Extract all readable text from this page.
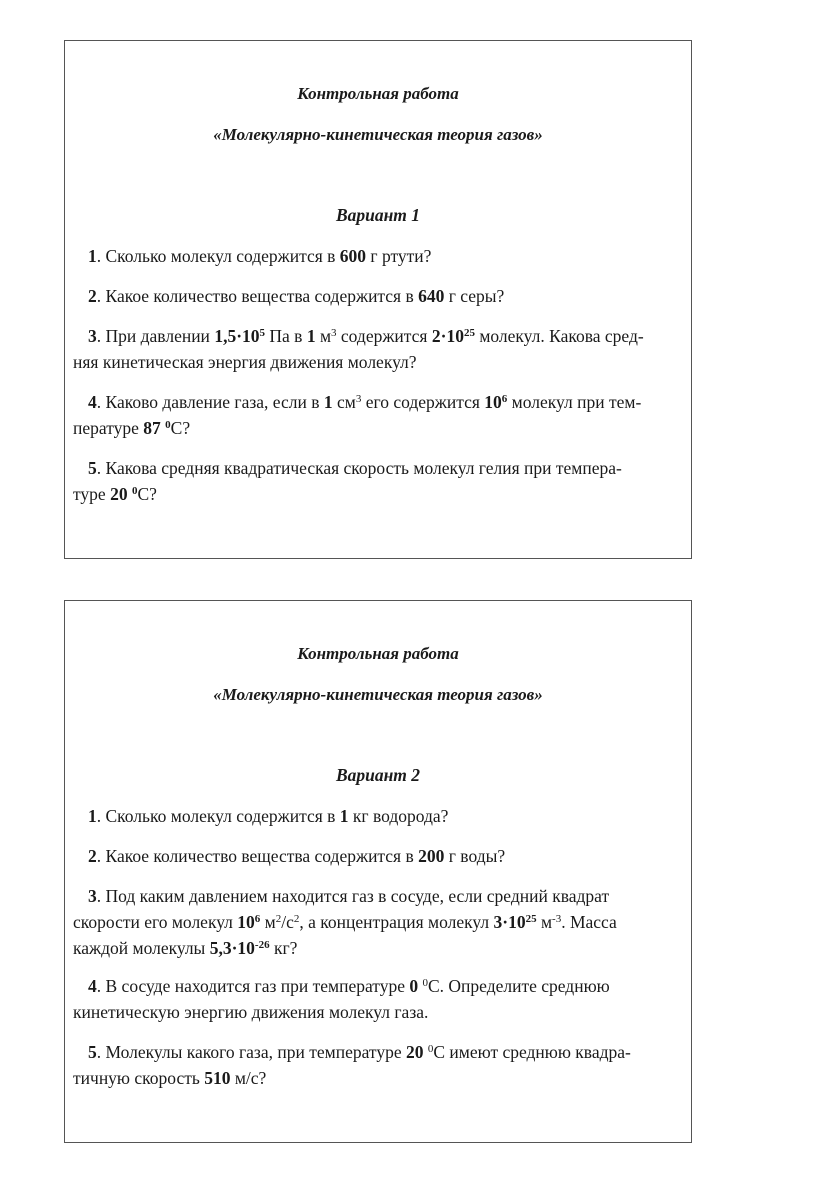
Контрольная работа
«Молекулярно-кинетическая теория газов»
Вариант 1
1. Сколько молекул содержится в 600 г ртути?
2. Какое количество вещества содержится в 640 г серы?
3. При давлении $1,5\cdot 10^5$ Па в 1 $м^3$ содержится $2\cdot 10^{25}$ молекул. Какова сред-
няя кинетическая энергия движения молекул?
4. Каково давление газа, если в 1 $см^3$ его содержится $10^6$ молекул при тем-
пературе 87 $^0$С?
5. Какова средняя квадратическая скорость молекул гелия при темпера-
туре 20 $^0$С?
Контрольная работа
«Молекулярно-кинетическая теория газов»
Вариант 2
1. Сколько молекул содержится в 1 кг водорода?
2. Какое количество вещества содержится в 200 г воды?
3. Под каким давлением находится газ в сосуде, если средний квадрат
скорости его молекул $10^6$ $м^2/с^2$, а концентрация молекул $3\cdot 10^{25}$ $м^{-3}$. Масса
каждой молекулы $5,3\cdot 10^{-26}$ кг?
4. В сосуде находится газ при температуре 0 $^0$С. Определите среднюю
кинетическую энергию движения молекул газа.
5. Молекулы какого газа, при температуре 20 $^0$С имеют среднюю квадра-
тичную скорость 510 м/с?
